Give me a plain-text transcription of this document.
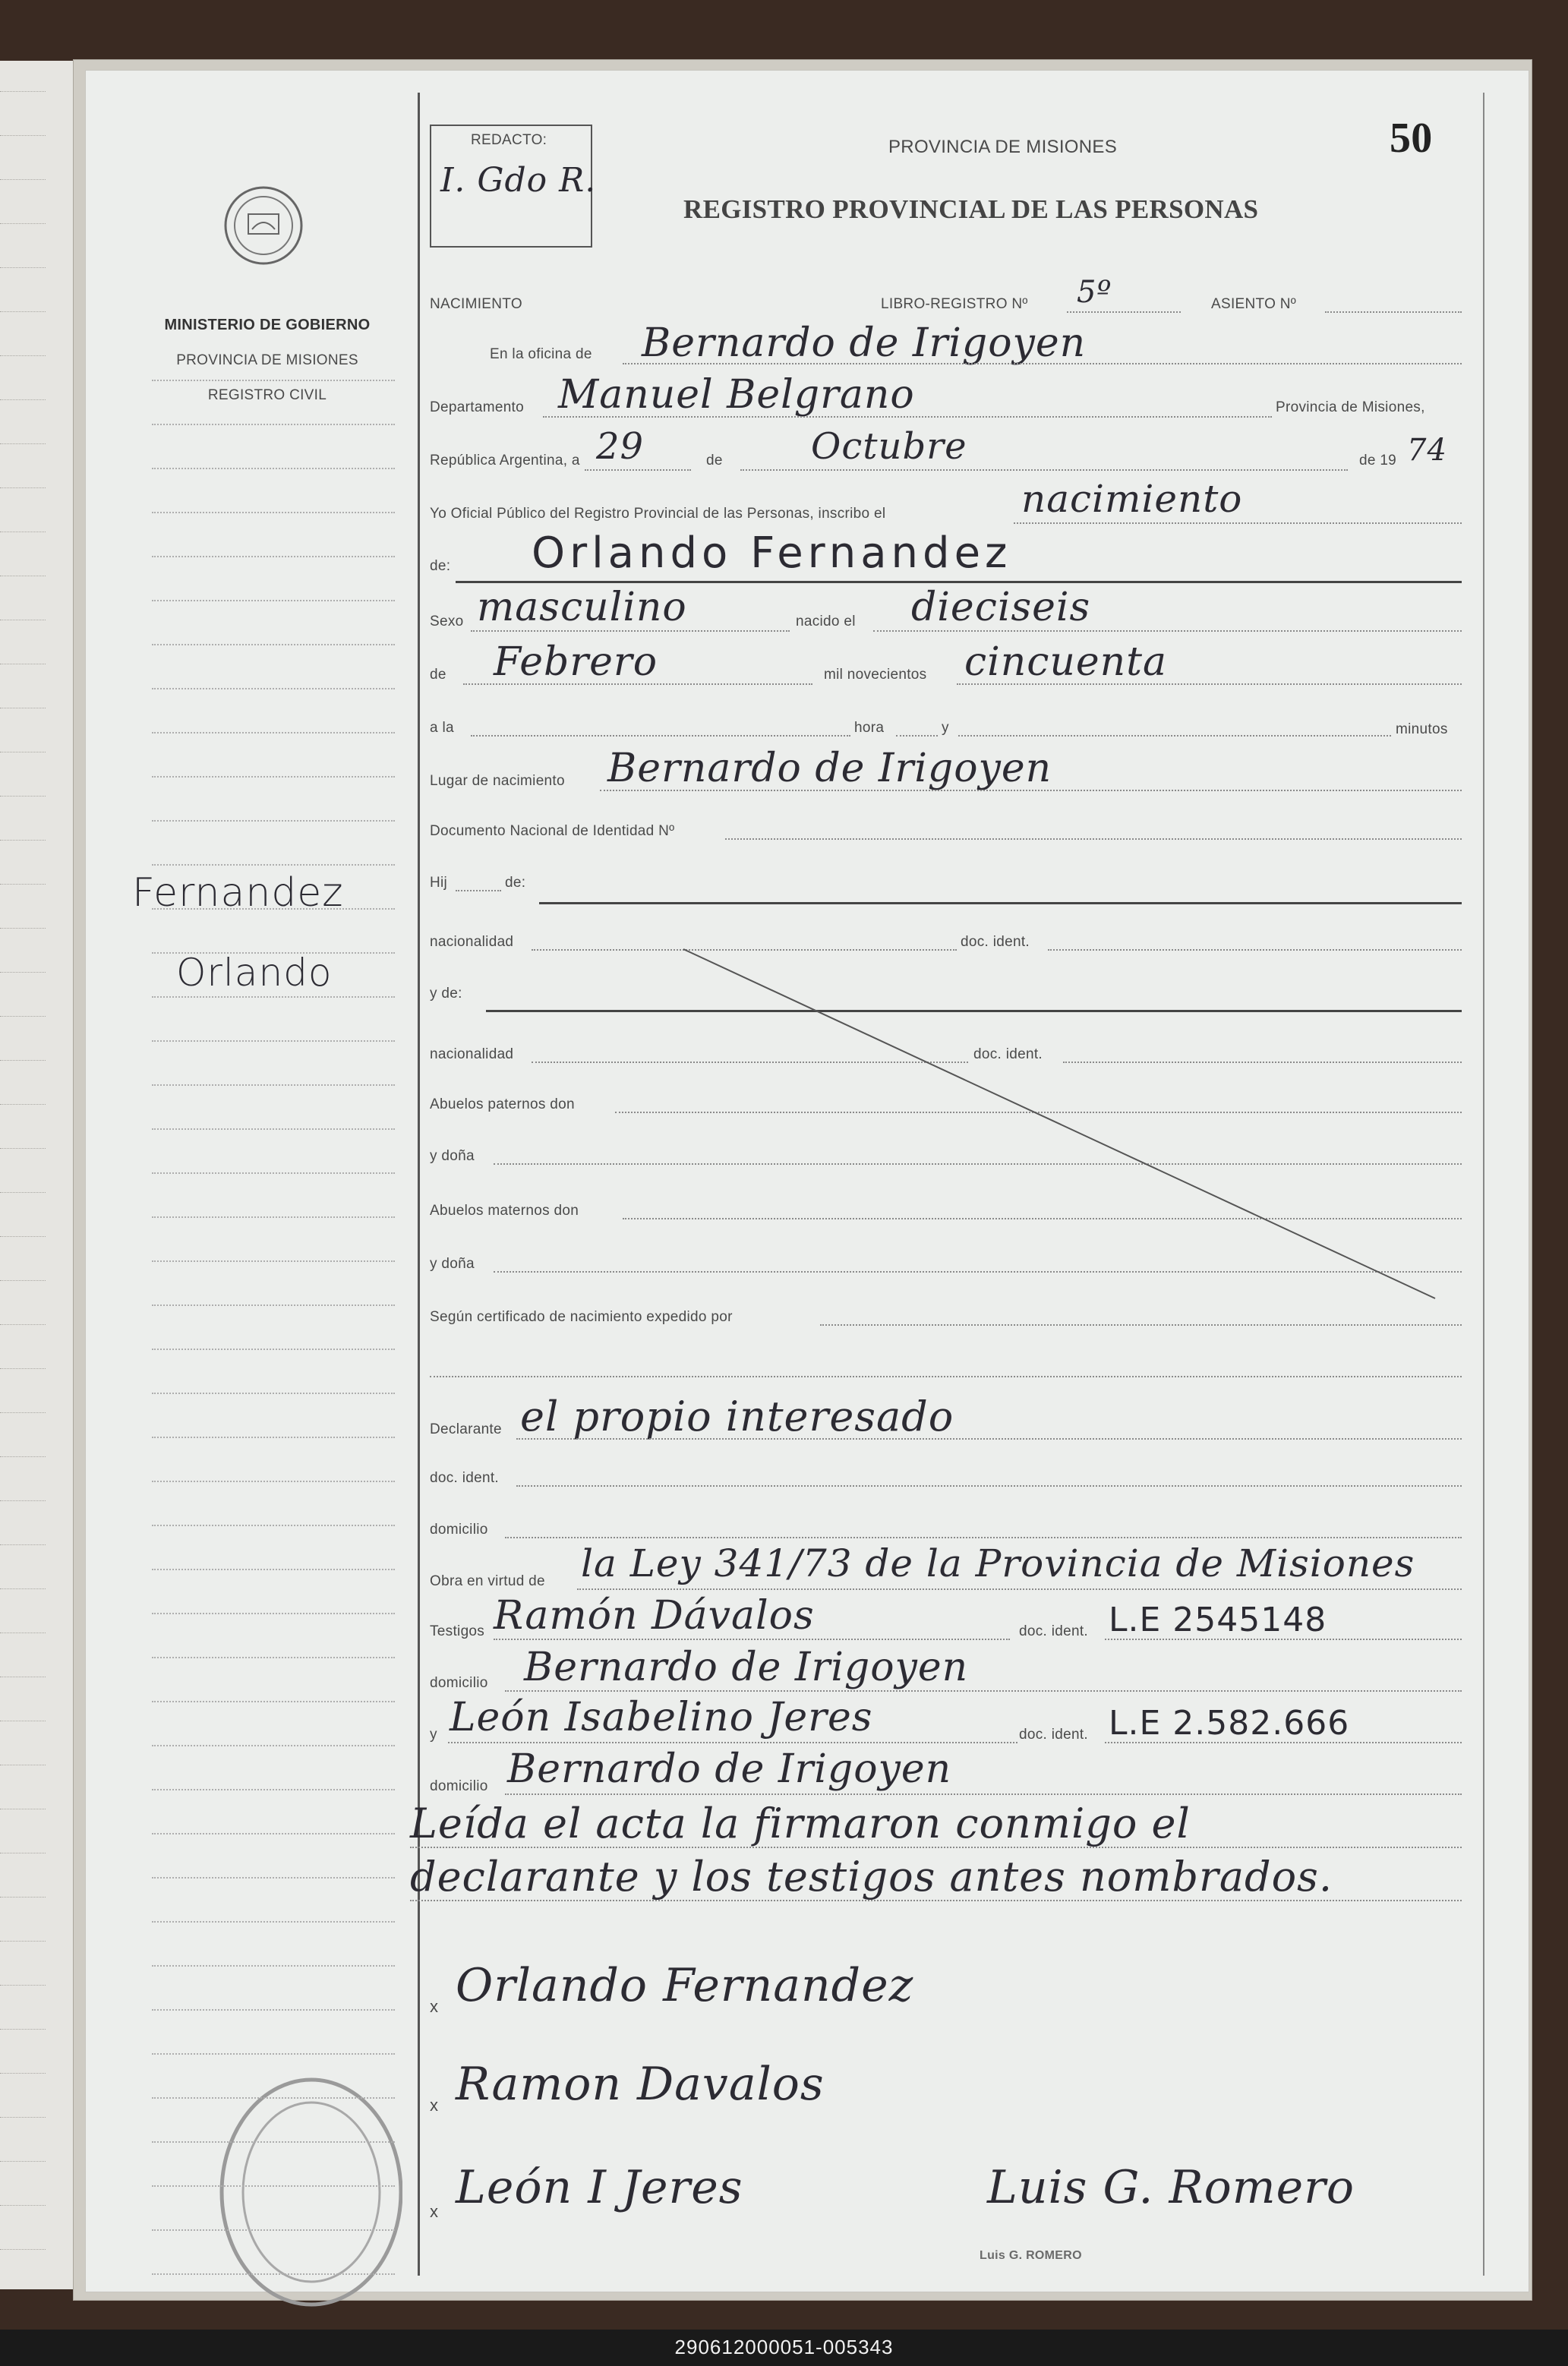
MINISTERIO DE GOBIERNO
PROVINCIA DE MISIONES
REGISTRO CIVIL
Fernandez
Orlando
REDACTO:
I. Gdo R.
PROVINCIA DE MISIONES
REGISTRO PROVINCIAL DE LAS PERSONAS
50
NACIMIENTO	LIBRO-REGISTRO Nº 5º	ASIENTO Nº
En la oficina de Bernardo de Irigoyen
Departamento Manuel Belgrano	Provincia de Misiones,
República Argentina, a 29	de Octubre	de 19 74
Yo Oficial Público del Registro Provincial de las Personas, inscribo el	nacimiento
de: Orlando Fernandez
Sexo masculino	nacido el dieciseis
de Febrero	mil novecientos cincuenta
a la	hora	y	minutos
Lugar de nacimiento Bernardo de Irigoyen
Documento Nacional de Identidad Nº
Hij	de:
nacionalidad	doc. ident.
y de:
nacionalidad	doc. ident.
Abuelos paternos don
y doña
Abuelos maternos don
y doña
Según certificado de nacimiento expedido por
Declarante el propio interesado
doc. ident.
domicilio
Obra en virtud de la Ley 341/73 de la Provincia de Misiones
Testigos Ramón Dávalos	doc. ident. L.E 2545148
domicilio Bernardo de Irigoyen
y León Isabelino Jeres	doc. ident. L.E 2.582.666
domicilio Bernardo de Irigoyen
Leída el acta la firmaron conmigo el
declarante y los testigos antes nombrados.
x Orlando Fernandez
x Ramon Davalos
x León I Jeres	Luis G. Romero
Luis G. ROMERO
290612000051-005343
